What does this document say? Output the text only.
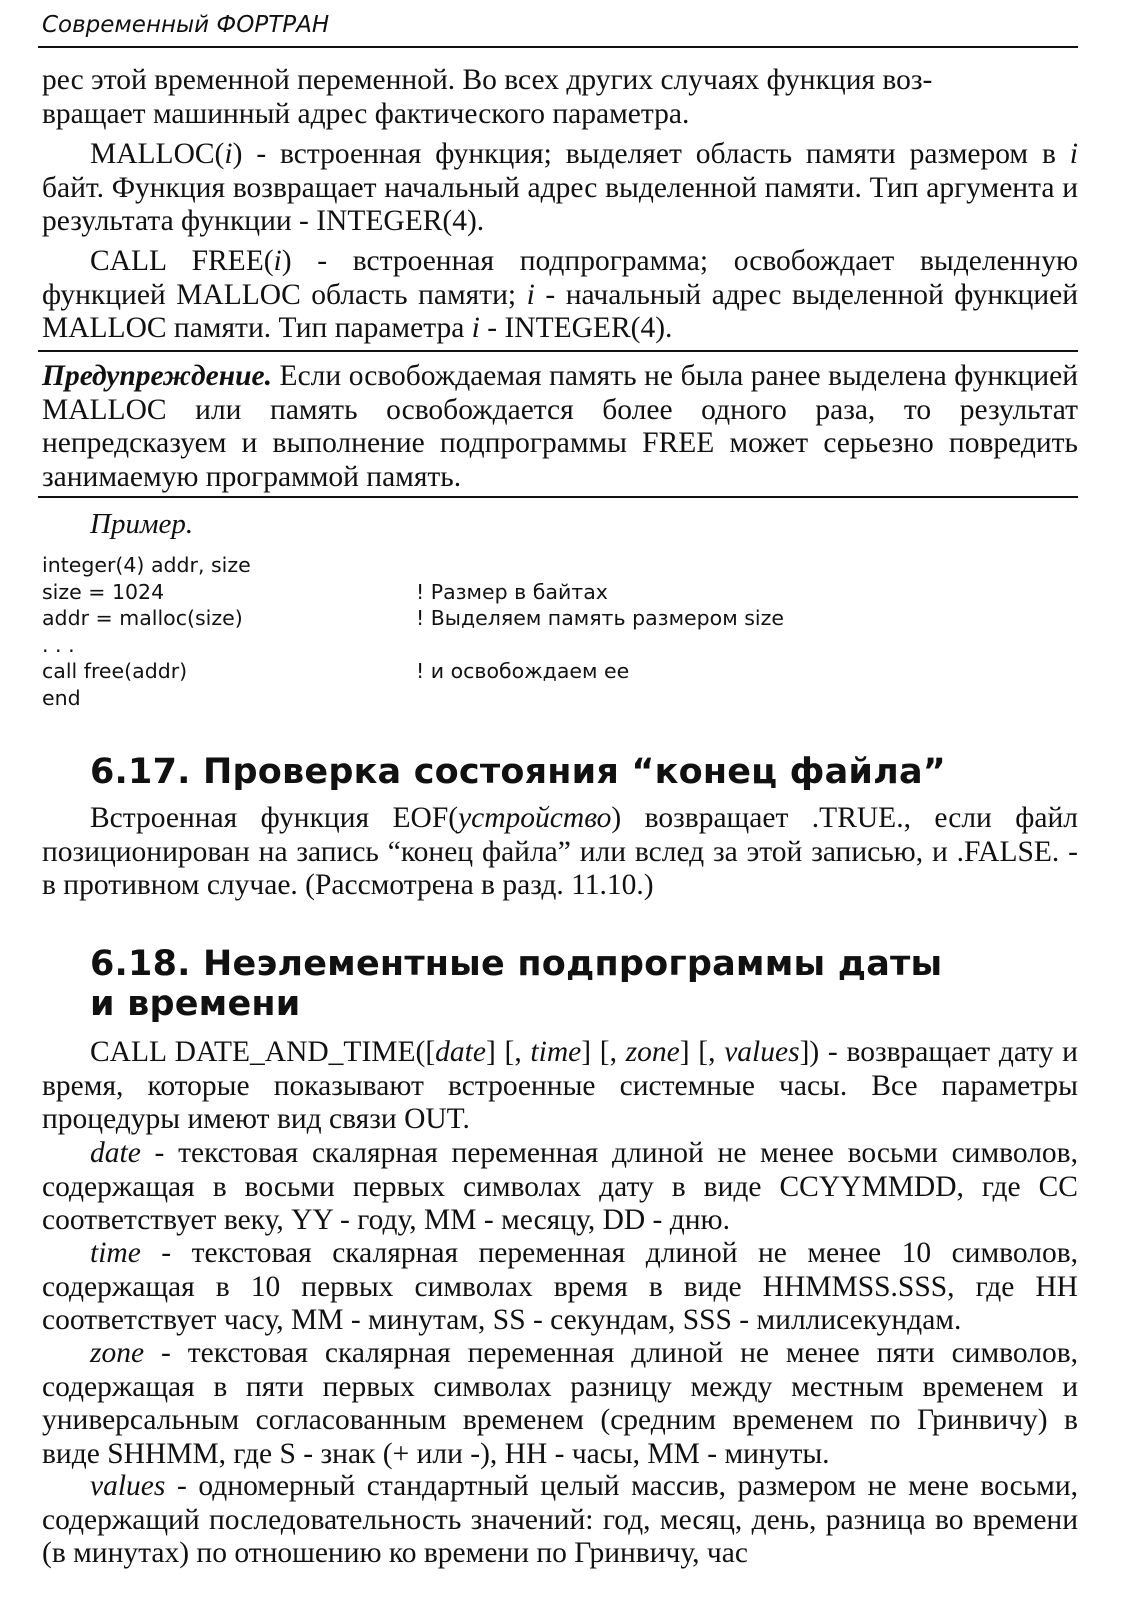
Современный ФОРТРАН

рес этой временной переменной. Во всех других случаях функция воз-
вращает машинный адрес фактического параметра.

MALLOC(i) - встроенная функция; выделяет область памяти размером в i байт. Функция возвращает начальный адрес выделенной памяти. Тип аргумента и результата функции - INTEGER(4).

CALL FREE(i) - встроенная подпрограмма; освобождает выделенную функцией MALLOC область памяти; i - начальный адрес выделенной функцией MALLOC памяти. Тип параметра i - INTEGER(4).

Предупреждение. Если освобождаемая память не была ранее выделена функцией MALLOC или память освобождается более одного раза, то результат непредсказуем и выполнение подпрограммы FREE может серьезно повредить занимаемую программой память.

Пример.
integer(4) addr, size
size = 1024	! Размер в байтах
addr = malloc(size)	! Выделяем память размером size
. . .
call free(addr)	! и освобождаем ее
end
6.17. Проверка состояния “конец файла”

Встроенная функция EOF(устройство) возвращает .TRUE., если файл позиционирован на запись “конец файла” или вслед за этой записью, и .FALSE. - в противном случае. (Рассмотрена в разд. 11.10.)

6.18. Нeэлементные подпрограммы даты
и времени

CALL DATE_AND_TIME([date] [, time] [, zone] [, values]) - возвращает дату и время, которые показывают встроенные системные часы. Все параметры процедуры имеют вид связи OUT.

date - текстовая скалярная переменная длиной не менее восьми символов, содержащая в восьми первых символах дату в виде CCYYMMDD, где CC соответствует веку, YY - году, MM - месяцу, DD - дню.

time - текстовая скалярная переменная длиной не менее 10 символов, содержащая в 10 первых символах время в виде HHMMSS.SSS, где HH соответствует часу, MM - минутам, SS - секундам, SSS - миллисекундам.

zone - текстовая скалярная переменная длиной не менее пяти символов, содержащая в пяти первых символах разницу между местным временем и универсальным согласованным временем (средним временем по Гринвичу) в виде SHHMM, где S - знак (+ или -), HH - часы, MM - минуты.

values - одномерный стандартный целый массив, размером не мене восьми, содержащий последовательность значений: год, месяц, день, разница во времени (в минутах) по отношению ко времени по Гринвичу, час
